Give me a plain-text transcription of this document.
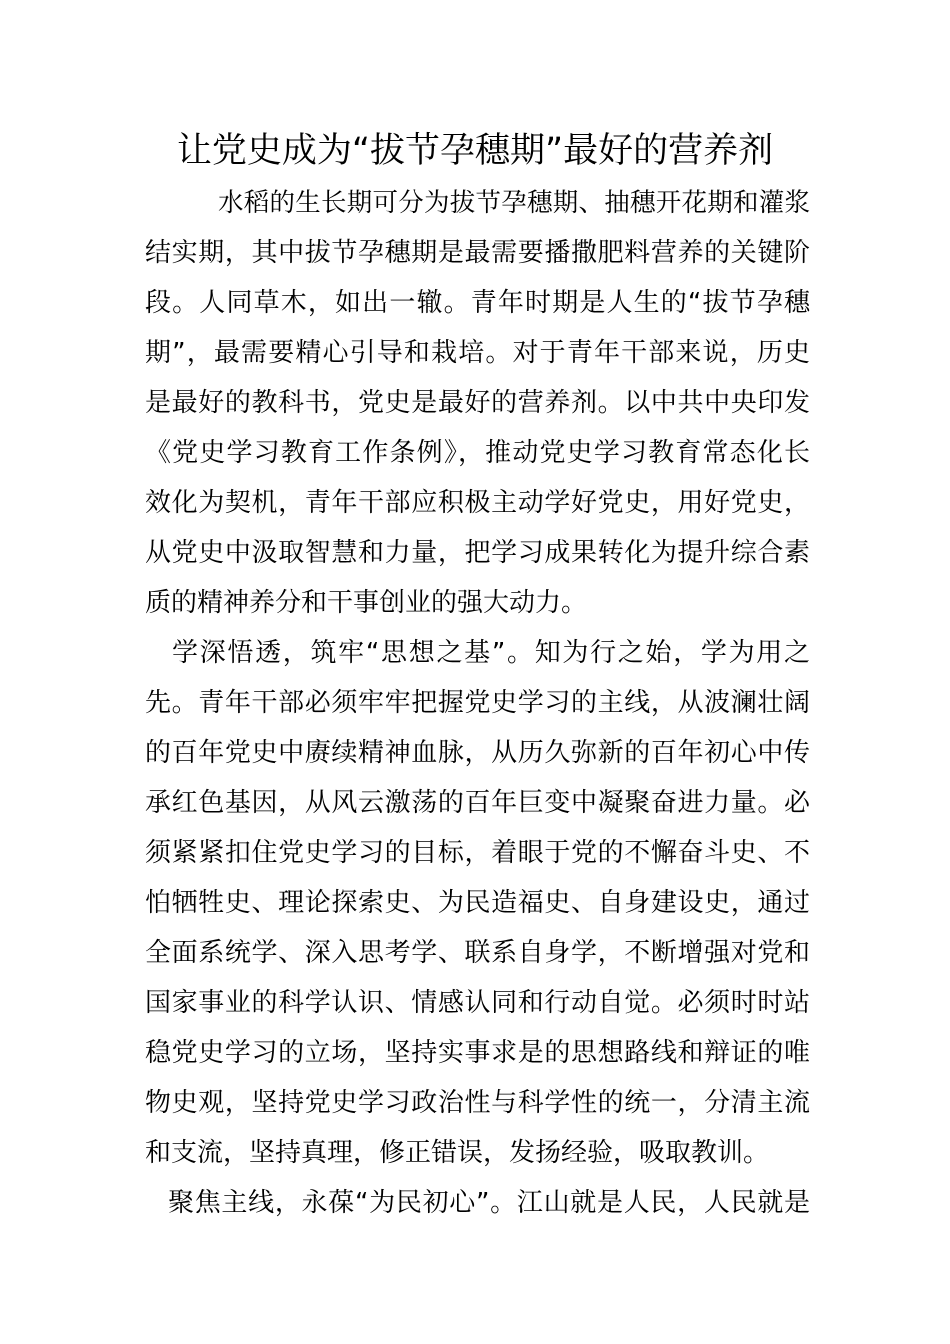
让党史成为“拔节孕穗期”最好的营养剂
水稻的生长期可分为拔节孕穗期、抽穗开花期和灌浆
结实期，其中拔节孕穗期是最需要播撒肥料营养的关键阶
段。人同草木，如出一辙。青年时期是人生的“拔节孕穗
期”，最需要精心引导和栽培。对于青年干部来说，历史
是最好的教科书，党史是最好的营养剂。以中共中央印发
《党史学习教育工作条例》，推动党史学习教育常态化长
效化为契机，青年干部应积极主动学好党史，用好党史，
从党史中汲取智慧和力量，把学习成果转化为提升综合素
质的精神养分和干事创业的强大动力。
学深悟透，筑牢“思想之基”。知为行之始，学为用之
先。青年干部必须牢牢把握党史学习的主线，从波澜壮阔
的百年党史中赓续精神血脉，从历久弥新的百年初心中传
承红色基因，从风云激荡的百年巨变中凝聚奋进力量。必
须紧紧扣住党史学习的目标，着眼于党的不懈奋斗史、不
怕牺牲史、理论探索史、为民造福史、自身建设史，通过
全面系统学、深入思考学、联系自身学，不断增强对党和
国家事业的科学认识、情感认同和行动自觉。必须时时站
稳党史学习的立场，坚持实事求是的思想路线和辩证的唯
物史观，坚持党史学习政治性与科学性的统一，分清主流
和支流，坚持真理，修正错误，发扬经验，吸取教训。
聚焦主线，永葆“为民初心”。江山就是人民，人民就是
